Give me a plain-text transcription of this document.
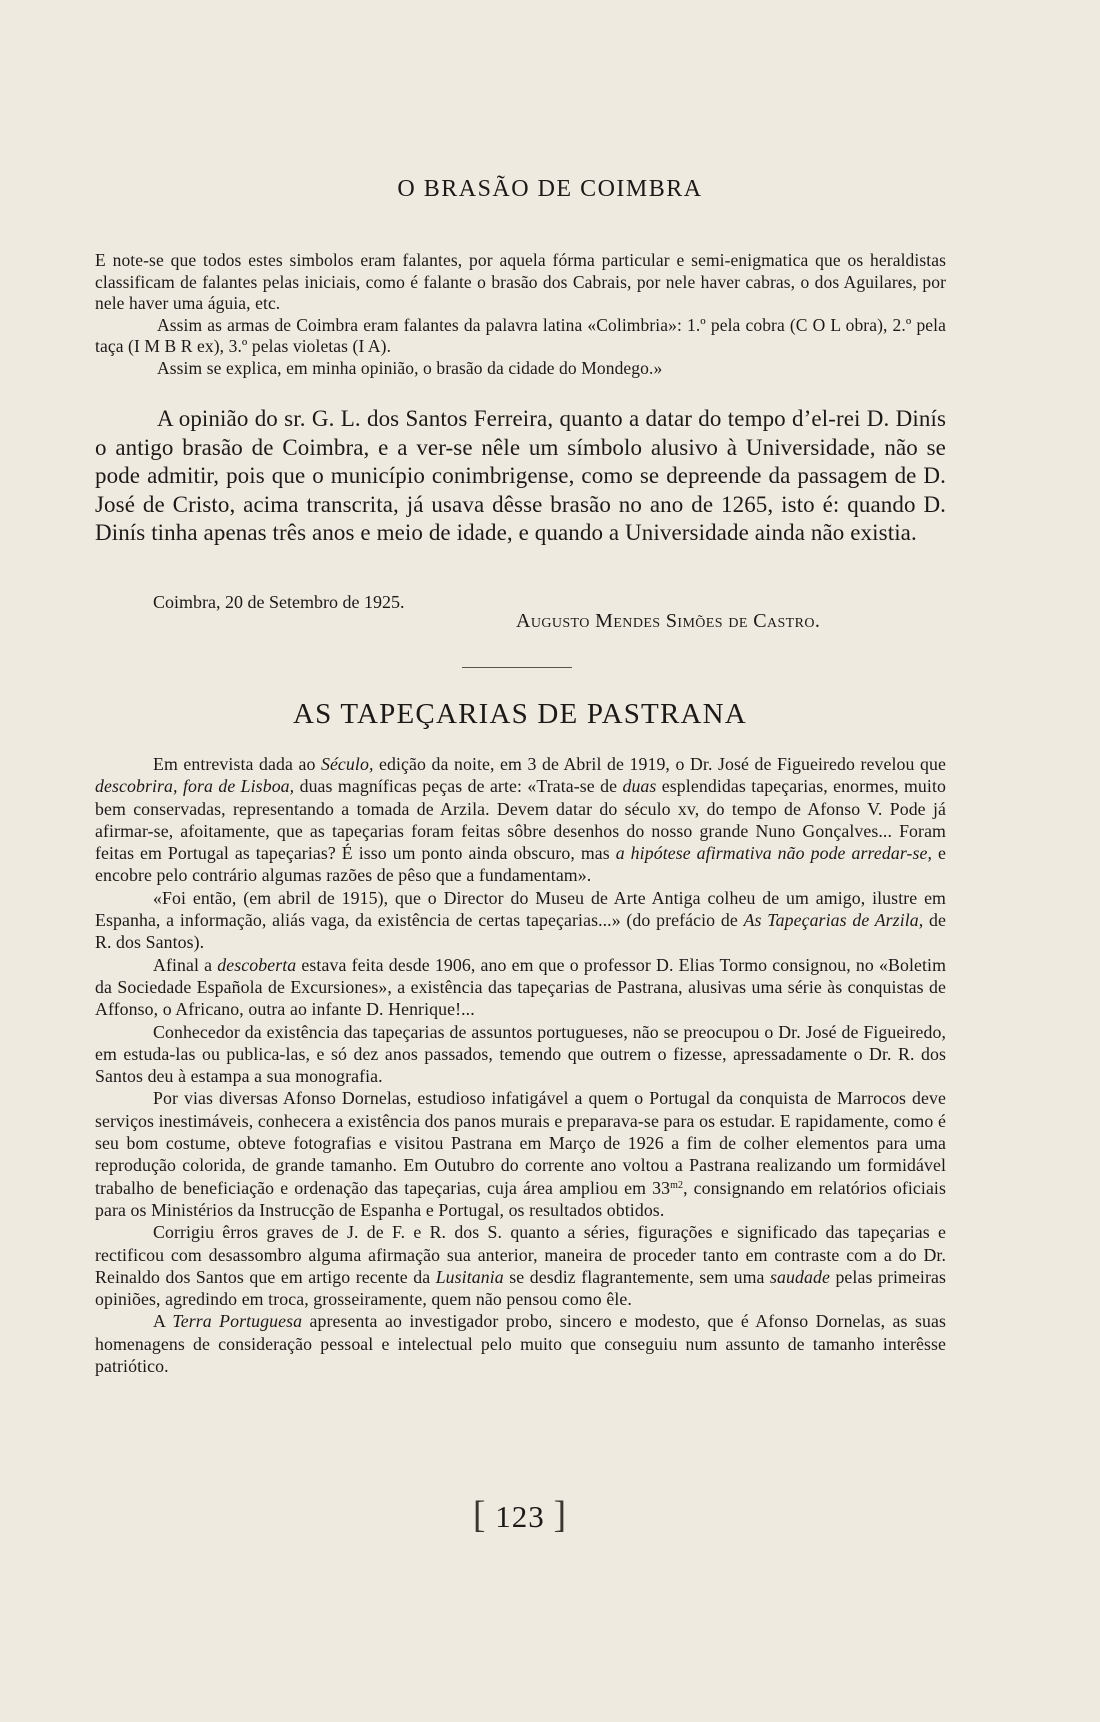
O BRASÃO DE COIMBRA

E note-se que todos estes simbolos eram falantes, por aquela fórma particular e semi-enigmatica que os heraldistas classificam de falantes pelas iniciais, como é falante o brasão dos Cabrais, por nele haver cabras, o dos Aguilares, por nele haver uma águia, etc.

Assim as armas de Coimbra eram falantes da palavra latina «Colimbria»: 1.º pela cobra (C O L obra), 2.º pela taça (I M B R ex), 3.º pelas violetas (I A).

Assim se explica, em minha opinião, o brasão da cidade do Mondego.»

A opinião do sr. G. L. dos Santos Ferreira, quanto a datar do tempo d’el-rei D. Dinís o antigo brasão de Coimbra, e a ver-se nêle um símbolo alusivo à Universidade, não se pode admitir, pois que o município conimbrigense, como se depreende da passagem de D. José de Cristo, acima transcrita, já usava dêsse brasão no ano de 1265, isto é: quando D. Dinís tinha apenas três anos e meio de idade, e quando a Universidade ainda não existia.

Coimbra, 20 de Setembro de 1925.
Augusto Mendes Simões de Castro.
AS TAPEÇARIAS DE PASTRANA

Em entrevista dada ao Século, edição da noite, em 3 de Abril de 1919, o Dr. José de Figueiredo revelou que descobrira, fora de Lisboa, duas magníficas peças de arte: «Trata-se de duas esplendidas tapeçarias, enormes, muito bem conservadas, representando a tomada de Arzila. Devem datar do século xv, do tempo de Afonso V. Pode já afirmar-se, afoitamente, que as tapeçarias foram feitas sôbre desenhos do nosso grande Nuno Gonçalves... Foram feitas em Portugal as tapeçarias? É isso um ponto ainda obscuro, mas a hipótese afirmativa não pode arredar-se, e encobre pelo contrário algumas razões de pêso que a fundamentam».

«Foi então, (em abril de 1915), que o Director do Museu de Arte Antiga colheu de um amigo, ilustre em Espanha, a informação, aliás vaga, da existência de certas tapeçarias...» (do prefácio de As Tapeçarias de Arzila, de R. dos Santos).

Afinal a descoberta estava feita desde 1906, ano em que o professor D. Elias Tormo consignou, no «Boletim da Sociedade Española de Excursiones», a existência das tapeçarias de Pastrana, alusivas uma série às conquistas de Affonso, o Africano, outra ao infante D. Henrique!...

Conhecedor da existência das tapeçarias de assuntos portugueses, não se preocupou o Dr. José de Figueiredo, em estuda-las ou publica-las, e só dez anos passados, temendo que outrem o fizesse, apressadamente o Dr. R. dos Santos deu à estampa a sua monografia.

Por vias diversas Afonso Dornelas, estudioso infatigável a quem o Portugal da conquista de Marrocos deve serviços inestimáveis, conhecera a existência dos panos murais e preparava-se para os estudar. E rapidamente, como é seu bom costume, obteve fotografias e visitou Pastrana em Março de 1926 a fim de colher elementos para uma reprodução colorida, de grande tamanho. Em Outubro do corrente ano voltou a Pastrana realizando um formidável trabalho de beneficiação e ordenação das tapeçarias, cuja área ampliou em $33^{m2}$, consignando em relatórios oficiais para os Ministérios da Instrucção de Espanha e Portugal, os resultados obtidos.

Corrigiu êrros graves de J. de F. e R. dos S. quanto a séries, figurações e significado das tapeçarias e rectificou com desassombro alguma afirmação sua anterior, maneira de proceder tanto em contraste com a do Dr. Reinaldo dos Santos que em artigo recente da Lusitania se desdiz flagrantemente, sem uma saudade pelas primeiras opiniões, agredindo em troca, grosseiramente, quem não pensou como êle.

A Terra Portuguesa apresenta ao investigador probo, sincero e modesto, que é Afonso Dornelas, as suas homenagens de consideração pessoal e intelectual pelo muito que conseguiu num assunto de tamanho interêsse patriótico.

[ 123 ]
